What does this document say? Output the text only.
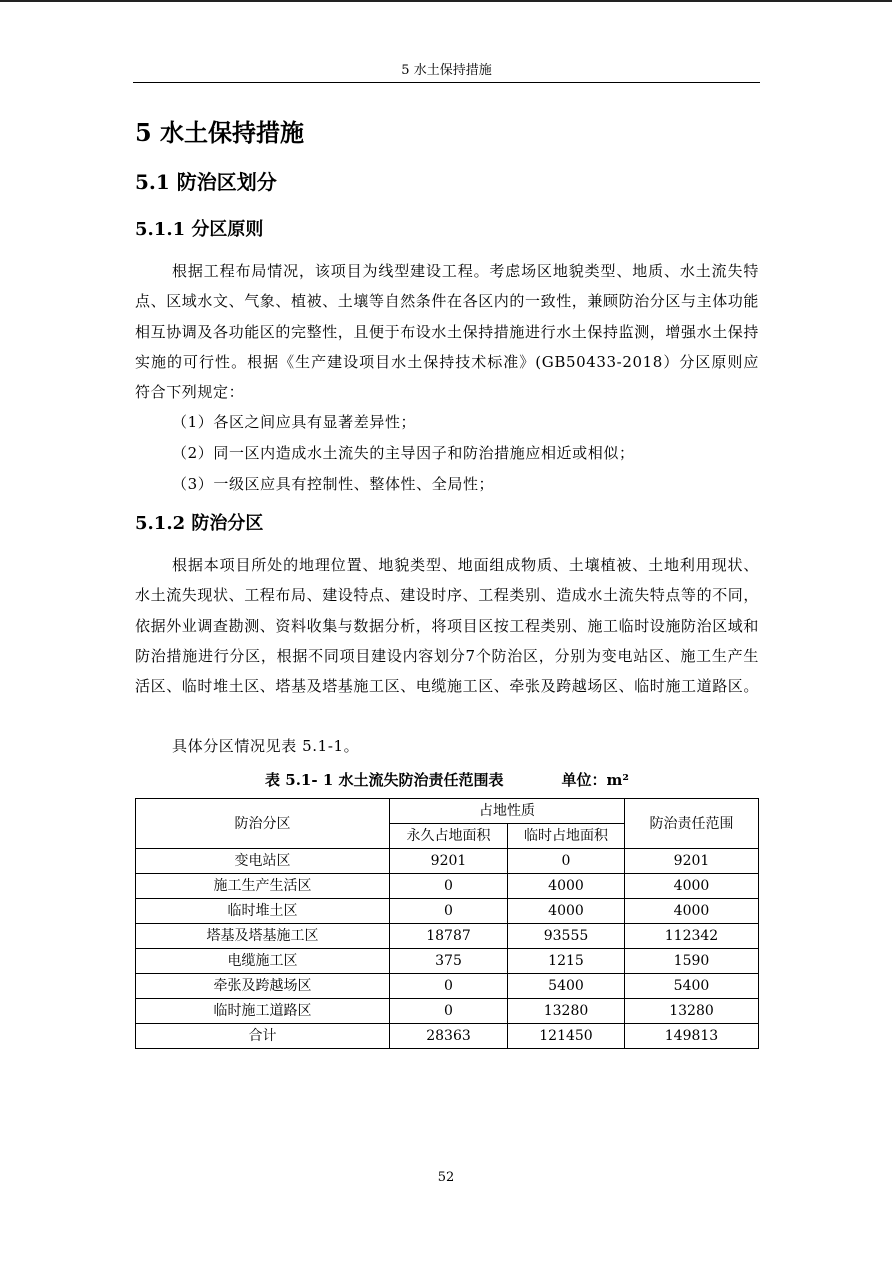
5 水土保持措施
5 水土保持措施
5.1 防治区划分
5.1.1 分区原则

根据工程布局情况，该项目为线型建设工程。考虑场区地貌类型、地质、水土流失特点、区域水文、气象、植被、土壤等自然条件在各区内的一致性，兼顾防治分区与主体功能相互协调及各功能区的完整性，且便于布设水土保持措施进行水土保持监测，增强水土保持实施的可行性。根据《生产建设项目水土保持技术标准》(GB50433-2018）分区原则应符合下列规定：

（1）各区之间应具有显著差异性；

（2）同一区内造成水土流失的主导因子和防治措施应相近或相似；

（3）一级区应具有控制性、整体性、全局性；

5.1.2 防治分区

根据本项目所处的地理位置、地貌类型、地面组成物质、土壤植被、土地利用现状、水土流失现状、工程布局、建设特点、建设时序、工程类别、造成水土流失特点等的不同，依据外业调查勘测、资料收集与数据分析，将项目区按工程类别、施工临时设施防治区域和防治措施进行分区，根据不同项目建设内容划分7个防治区，分别为变电站区、施工生产生活区、临时堆土区、塔基及塔基施工区、电缆施工区、牵张及跨越场区、临时施工道路区。

具体分区情况见表 5.1-1。

表 5.1- 1 水土流失防治责任范围表	单位：m²

防治分区	占地性质		防治责任范围
	永久占地面积	临时占地面积	
变电站区	9201	0	9201
施工生产生活区	0	4000	4000
临时堆土区	0	4000	4000
塔基及塔基施工区	18787	93555	112342
电缆施工区	375	1215	1590
牵张及跨越场区	0	5400	5400
临时施工道路区	0	13280	13280
合计	28363	121450	149813
52
